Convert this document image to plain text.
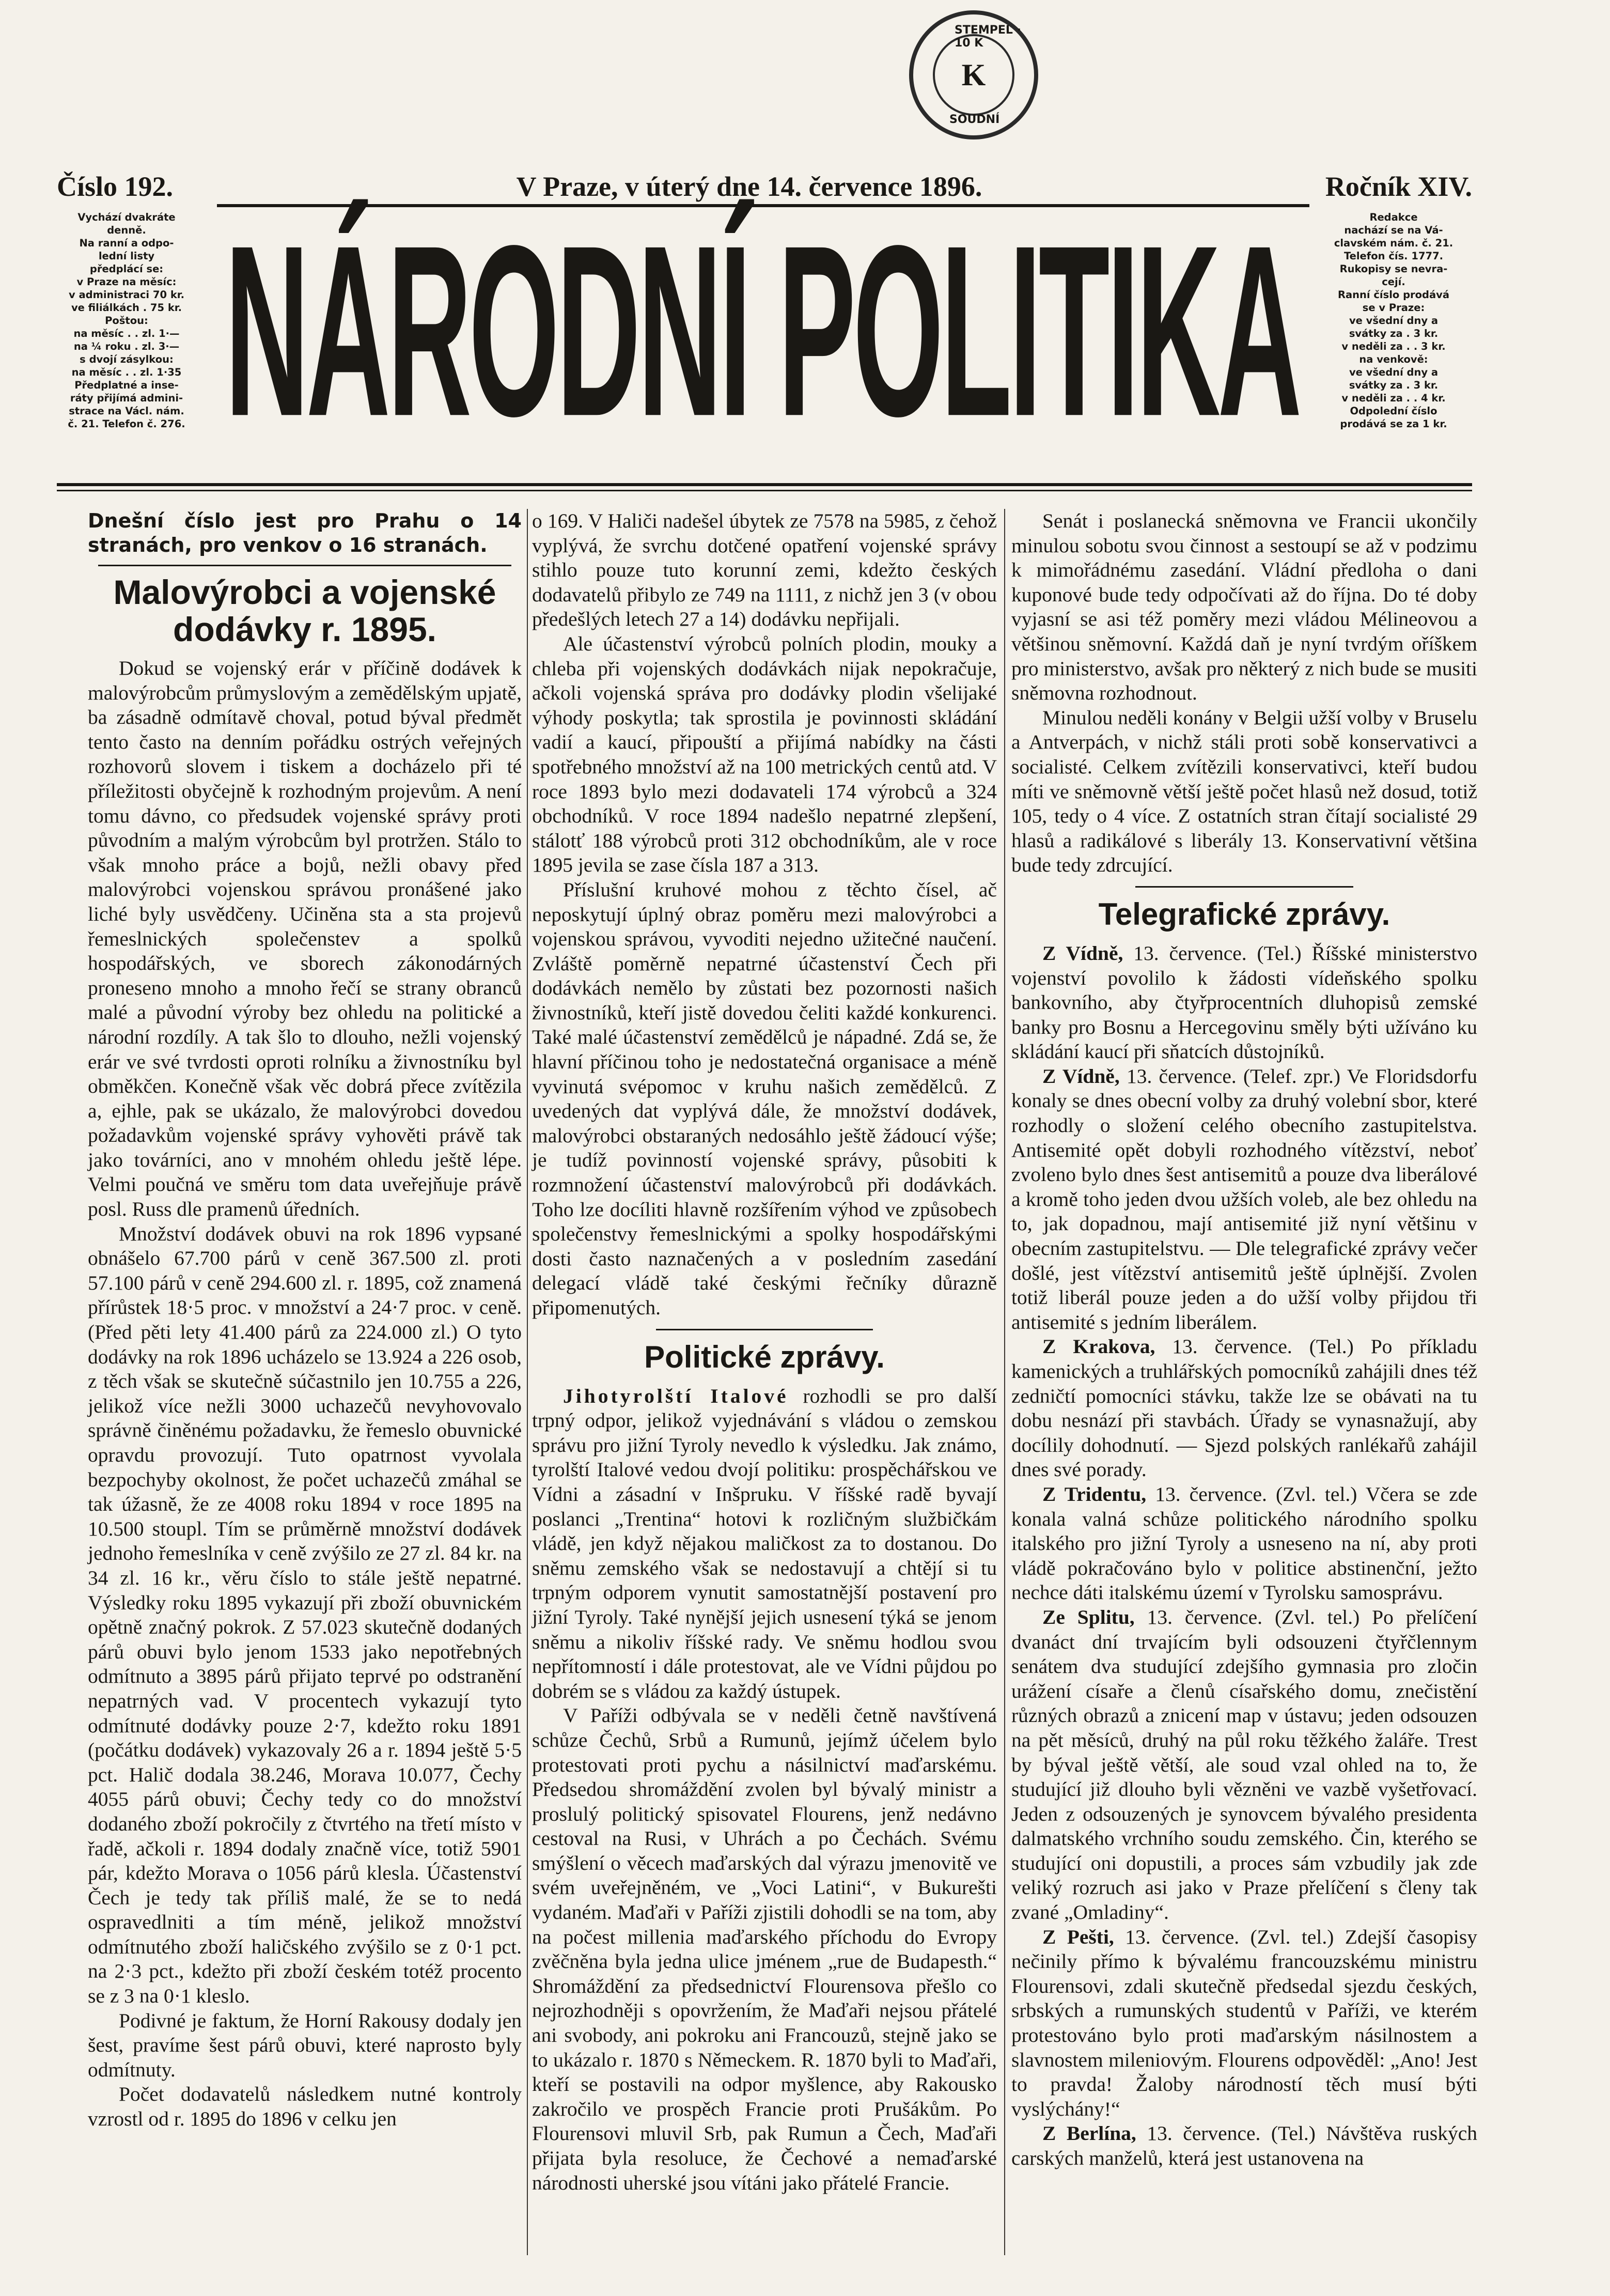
STEMPEL · 10 K
K
SOUDNÍ
Číslo 192.	V Praze, v úterý dne 14. července 1896.	Ročník XIV.
Vychází dvakráte
denně.
Na ranní a odpo-
lední listy
předplácí se:
v Praze na měsíc:
v administraci 70 kr.
ve filiálkách . 75 kr.
Poštou:
na měsíc . . zl. 1·—
na ¼ roku . zl. 3·—
s dvojí zásylkou:
na měsíc . . zl. 1·35
Předplatné a inse-
ráty přijímá admini-
strace na Václ. nám.
č. 21. Telefon č. 276. NÁRODNÍ POLITIKA	Redakce
nachází se na Vá-
clavském nám. č. 21.
Telefon čís. 1777.
Rukopisy se nevra-
cejí.
Ranní číslo prodává
se v Praze:
ve všední dny a
svátky za . 3 kr.
v neděli za . . 3 kr.
na venkově:
ve všední dny a
svátky za . 3 kr.
v neděli za . . 4 kr.
Odpolední číslo
prodává se za 1 kr.

Dnešní číslo jest pro Prahu o 14 stranách, pro venkov o 16 stranách.

Malovýrobci a vojenské dodávky r. 1895.

Dokud se vojenský erár v příčině dodávek k malovýrobcům průmyslovým a zemědělským upjatě, ba zásadně odmítavě choval, potud býval předmět tento často na denním pořádku ostrých veřejných rozhovorů slovem i tiskem a docházelo při té příležitosti obyčejně k rozhodným projevům. A není tomu dávno, co předsudek vojenské správy proti původním a malým výrobcům byl protržen. Stálo to však mnoho práce a bojů, nežli obavy před malovýrobci vojenskou správou pronášené jako liché byly usvědčeny. Učiněna sta a sta projevů řemeslnických společenstev a spolků hospodářských, ve sborech zákonodárných proneseno mnoho a mnoho řečí se strany obranců malé a původní výroby bez ohledu na politické a národní rozdíly. A tak šlo to dlouho, nežli vojenský erár ve své tvrdosti oproti rolníku a živnostníku byl obměkčen. Konečně však věc dobrá přece zvítězila a, ejhle, pak se ukázalo, že malovýrobci dovedou požadavkům vojenské správy vyhověti právě tak jako továrníci, ano v mnohém ohledu ještě lépe. Velmi poučná ve směru tom data uveřejňuje právě posl. Russ dle pramenů úředních.

Množství dodávek obuvi na rok 1896 vypsané obnášelo 67.700 párů v ceně 367.500 zl. proti 57.100 párů v ceně 294.600 zl. r. 1895, což znamená přírůstek 18·5 proc. v množství a 24·7 proc. v ceně. (Před pěti lety 41.400 párů za 224.000 zl.) O tyto dodávky na rok 1896 ucházelo se 13.924 a 226 osob, z těch však se skutečně súčastnilo jen 10.755 a 226, jelikož více nežli 3000 uchazečů nevyhovovalo správně činěnému požadavku, že řemeslo obuvnické opravdu provozují. Tuto opatrnost vyvolala bezpochyby okolnost, že počet uchazečů zmáhal se tak úžasně, že ze 4008 roku 1894 v roce 1895 na 10.500 stoupl. Tím se průměrně množství dodávek jednoho řemeslníka v ceně zvýšilo ze 27 zl. 84 kr. na 34 zl. 16 kr., věru číslo to stále ještě nepatrné. Výsledky roku 1895 vykazují při zboží obuvnickém opětně značný pokrok. Z 57.023 skutečně dodaných párů obuvi bylo jenom 1533 jako nepotřebných odmítnuto a 3895 párů přijato teprvé po odstranění nepatrných vad. V procentech vykazují tyto odmítnuté dodávky pouze 2·7, kdežto roku 1891 (počátku dodávek) vykazovaly 26 a r. 1894 ještě 5·5 pct. Halič dodala 38.246, Morava 10.077, Čechy 4055 párů obuvi; Čechy tedy co do množství dodaného zboží pokročily z čtvrtého na třetí místo v řadě, ačkoli r. 1894 dodaly značně více, totiž 5901 pár, kdežto Morava o 1056 párů klesla. Účastenství Čech je tedy tak příliš malé, že se to nedá ospravedlniti a tím méně, jelikož množství odmítnutého zboží haličského zvýšilo se z 0·1 pct. na 2·3 pct., kdežto při zboží českém totéž procento se z 3 na 0·1 kleslo.

Podivné je faktum, že Horní Rakousy dodaly jen šest, pravíme šest párů obuvi, které naprosto byly odmítnuty.

Počet dodavatelů následkem nutné kontroly vzrostl od r. 1895 do 1896 v celku jen

o 169. V Haliči nadešel úbytek ze 7578 na 5985, z čehož vyplývá, že svrchu dotčené opatření vojenské správy stihlo pouze tuto korunní zemi, kdežto českých dodavatelů přibylo ze 749 na 1111, z nichž jen 3 (v obou předešlých letech 27 a 14) dodávku nepřijali.

Ale účastenství výrobců polních plodin, mouky a chleba při vojenských dodávkách nijak nepokračuje, ačkoli vojenská správa pro dodávky plodin všelijaké výhody poskytla; tak sprostila je povinnosti skládání vadií a kaucí, připouští a přijímá nabídky na části spotřebného množství až na 100 metrických centů atd. V roce 1893 bylo mezi dodavateli 174 výrobců a 324 obchodníků. V roce 1894 nadešlo nepatrné zlepšení, stálotť 188 výrobců proti 312 obchodníkům, ale v roce 1895 jevila se zase čísla 187 a 313.

Příslušní kruhové mohou z těchto čísel, ač neposkytují úplný obraz poměru mezi malovýrobci a vojenskou správou, vyvoditi nejedno užitečné naučení. Zvláště poměrně nepatrné účastenství Čech při dodávkách nemělo by zůstati bez pozornosti našich živnostníků, kteří jistě dovedou čeliti každé konkurenci. Také malé účastenství zemědělců je nápadné. Zdá se, že hlavní příčinou toho je nedostatečná organisace a méně vyvinutá svépomoc v kruhu našich zemědělců. Z uvedených dat vyplývá dále, že množství dodávek, malovýrobci obstaraných nedosáhlo ještě žádoucí výše; je tudíž povinností vojenské správy, působiti k rozmnožení účastenství malovýrobců při dodávkách. Toho lze docíliti hlavně rozšířením výhod ve způsobech společenstvy řemeslnickými a spolky hospodářskými dosti často naznačených a v posledním zasedání delegací vládě také českými řečníky důrazně připomenutých.

Politické zprávy.

Jihotyrolští Italové rozhodli se pro další trpný odpor, jelikož vyjednávání s vládou o zemskou správu pro jižní Tyroly nevedlo k výsledku. Jak známo, tyrolští Italové vedou dvojí politiku: prospěchářskou ve Vídni a zásadní v Inšpruku. V říšské radě byvají poslanci „Trentina“ hotovi k rozličným službičkám vládě, jen když nějakou maličkost za to dostanou. Do sněmu zemského však se nedostavují a chtějí si tu trpným odporem vynutit samostatnější postavení pro jižní Tyroly. Také nynější jejich usnesení týká se jenom sněmu a nikoliv říšské rady. Ve sněmu hodlou svou nepřítomností i dále protestovat, ale ve Vídni půjdou po dobrém se s vládou za každý ústupek.

V Paříži odbývala se v neděli četně navštívená schůze Čechů, Srbů a Rumunů, jejímž účelem bylo protestovati proti pychu a násilnictví maďarskému. Předsedou shromáždění zvolen byl bývalý ministr a proslulý politický spisovatel Flourens, jenž nedávno cestoval na Rusi, v Uhrách a po Čechách. Svému smýšlení o věcech maďarských dal výrazu jmenovitě ve svém uveřejněném, ve „Voci Latini“, v Bukurešti vydaném. Maďaři v Paříži zjistili dohodli se na tom, aby na počest millenia maďarského příchodu do Evropy zvěčněna byla jedna ulice jménem „rue de Budapesth.“ Shromáždění za předsednictví Flourensova přešlo co nejrozhodněji s opovržením, že Maďaři nejsou přátelé ani svobody, ani pokroku ani Francouzů, stejně jako se to ukázalo r. 1870 s Německem. R. 1870 byli to Maďaři, kteří se postavili na odpor myšlence, aby Rakousko zakročilo ve prospěch Francie proti Prušákům. Po Flourensovi mluvil Srb, pak Rumun a Čech, Maďaři přijata byla resoluce, že Čechové a nemaďarské národnosti uherské jsou vítáni jako přátelé Francie.

Senát i poslanecká sněmovna ve Francii ukončily minulou sobotu svou činnost a sestoupí se až v podzimu k mimořádnému zasedání. Vládní předloha o dani kuponové bude tedy odpočívati až do října. Do té doby vyjasní se asi též poměry mezi vládou Mélineovou a většinou sněmovní. Každá daň je nyní tvrdým oříškem pro ministerstvo, avšak pro některý z nich bude se musiti sněmovna rozhodnout.

Minulou neděli konány v Belgii užší volby v Bruselu a Antverpách, v nichž stáli proti sobě konservativci a socialisté. Celkem zvítězili konservativci, kteří budou míti ve sněmovně větší ještě počet hlasů než dosud, totiž 105, tedy o 4 více. Z ostatních stran čítají socialisté 29 hlasů a radikálové s liberály 13. Konservativní většina bude tedy zdrcující.

Telegrafické zprávy.

Z Vídně, 13. července. (Tel.) Říšské ministerstvo vojenství povolilo k žádosti vídeňského spolku bankovního, aby čtyřprocentních dluhopisů zemské banky pro Bosnu a Hercegovinu směly býti užíváno ku skládání kaucí při sňatcích důstojníků.

Z Vídně, 13. července. (Telef. zpr.) Ve Floridsdorfu konaly se dnes obecní volby za druhý volební sbor, které rozhodly o složení celého obecního zastupitelstva. Antisemité opět dobyli rozhodného vítězství, neboť zvoleno bylo dnes šest antisemitů a pouze dva liberálové a kromě toho jeden dvou užších voleb, ale bez ohledu na to, jak dopadnou, mají antisemité již nyní většinu v obecním zastupitelstvu. — Dle telegrafické zprávy večer došlé, jest vítězství antisemitů ještě úplnější. Zvolen totiž liberál pouze jeden a do užší volby přijdou tři antisemité s jedním liberálem.

Z Krakova, 13. července. (Tel.) Po příkladu kamenických a truhlářských pomocníků zahájili dnes též zedničtí pomocníci stávku, takže lze se obávati na tu dobu nesnází při stavbách. Úřady se vynasnažují, aby docílily dohodnutí. — Sjezd polských ranlékařů zahájil dnes své porady.

Z Tridentu, 13. července. (Zvl. tel.) Včera se zde konala valná schůze politického národního spolku italského pro jižní Tyroly a usneseno na ní, aby proti vládě pokračováno bylo v politice abstinenční, ježto nechce dáti italskému území v Tyrolsku samosprávu.

Ze Splitu, 13. července. (Zvl. tel.) Po přelíčení dvanáct dní trvajícím byli odsouzeni čtyřčlennym senátem dva studující zdejšího gymnasia pro zločin urážení císaře a členů císařského domu, znečistění různých obrazů a znicení map v ústavu; jeden odsouzen na pět měsíců, druhý na půl roku těžkého žaláře. Trest by býval ještě větší, ale soud vzal ohled na to, že studující již dlouho byli vězněni ve vazbě vyšetřovací. Jeden z odsouzených je synovcem bývalého presidenta dalmatského vrchního soudu zemského. Čin, kterého se studující oni dopustili, a proces sám vzbudily jak zde veliký rozruch asi jako v Praze přelíčení s členy tak zvané „Omladiny“.

Z Pešti, 13. července. (Zvl. tel.) Zdejší časopisy nečinily přímo k bývalému francouzskému ministru Flourensovi, zdali skutečně předsedal sjezdu českých, srbských a rumunských studentů v Paříži, ve kterém protestováno bylo proti maďarským násilnostem a slavnostem mileniovým. Flourens odpověděl: „Ano! Jest to pravda! Žaloby národností těch musí býti vyslýchány!“

Z Berlína, 13. července. (Tel.) Návštěva ruských carských manželů, která jest ustanovena na
